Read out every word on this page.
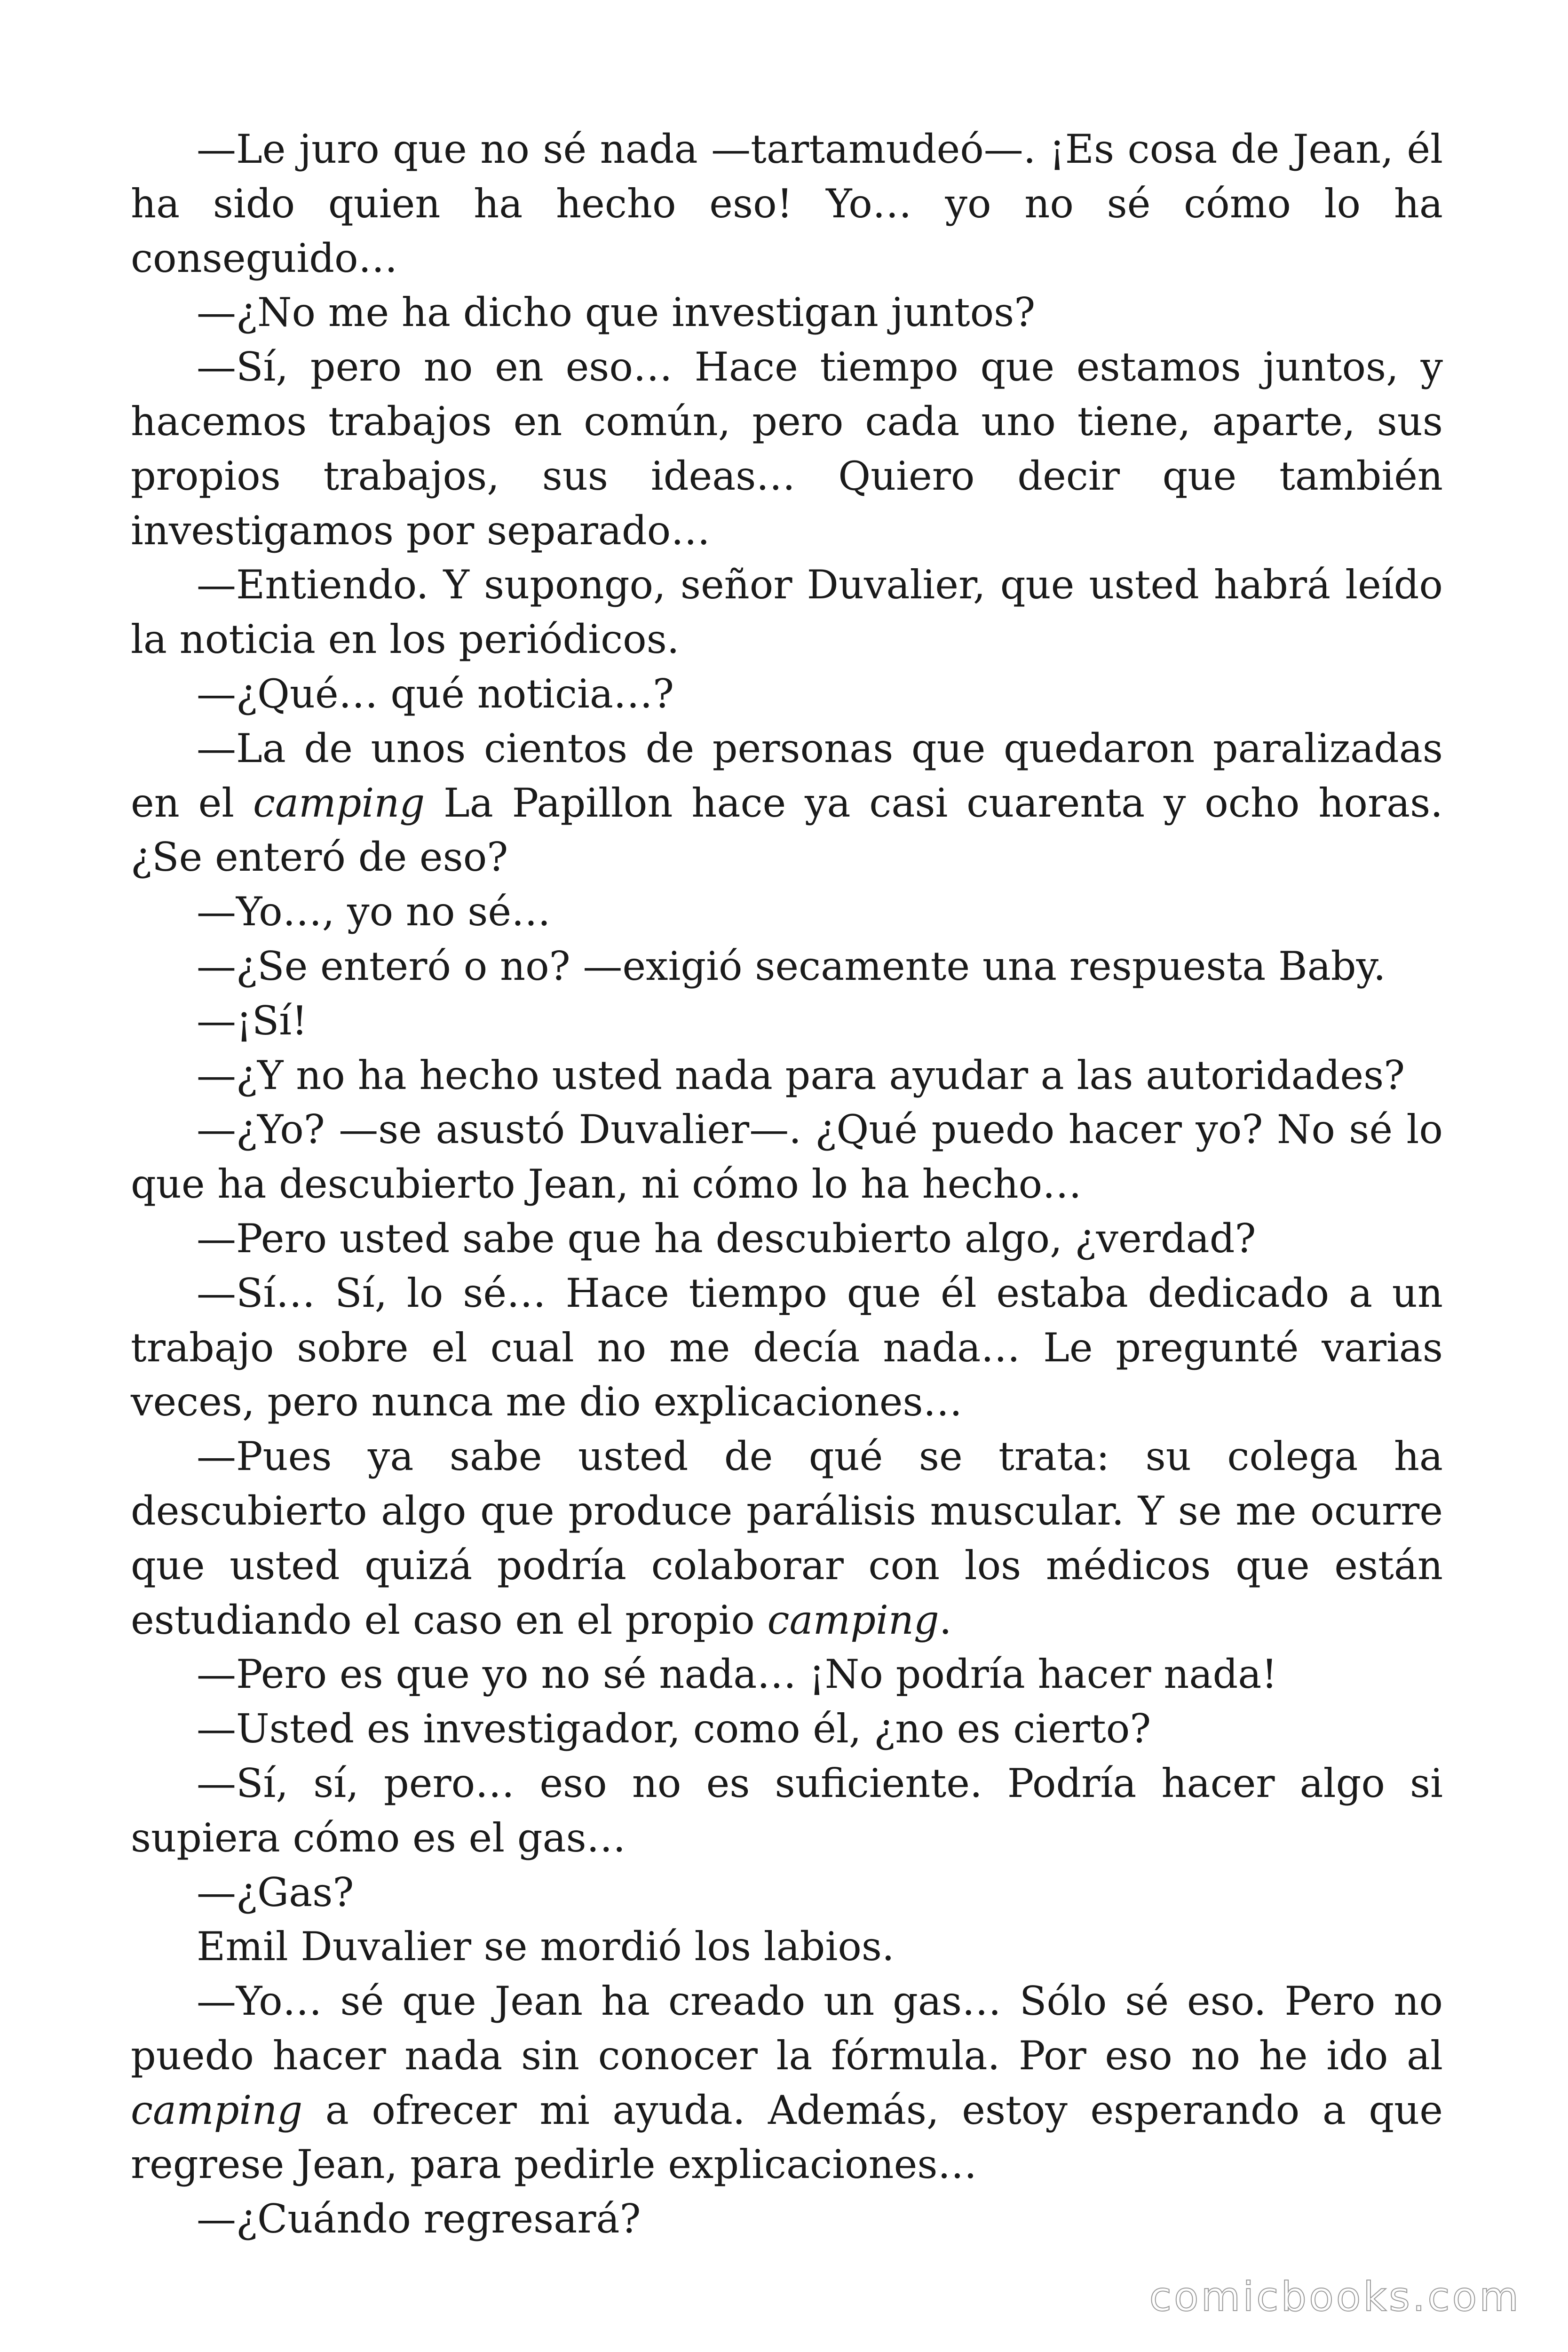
—Le juro que no sé nada —tartamudeó—. ¡Es cosa de Jean, él ha sido quien ha hecho eso! Yo… yo no sé cómo lo ha conseguido…

—¿No me ha dicho que investigan juntos?

—Sí, pero no en eso… Hace tiempo que estamos juntos, y hacemos trabajos en común, pero cada uno tiene, aparte, sus propios trabajos, sus ideas… Quiero decir que también investigamos por separado…

—Entiendo. Y supongo, señor Duvalier, que usted habrá leído la noticia en los periódicos.

—¿Qué… qué noticia…?

—La de unos cientos de personas que quedaron paralizadas en el camping La Papillon hace ya casi cuarenta y ocho horas. ¿Se enteró de eso?

—Yo…, yo no sé…

—¿Se enteró o no? —exigió secamente una respuesta Baby.

—¡Sí!

—¿Y no ha hecho usted nada para ayudar a las autoridades?

—¿Yo? —se asustó Duvalier—. ¿Qué puedo hacer yo? No sé lo que ha descubierto Jean, ni cómo lo ha hecho…

—Pero usted sabe que ha descubierto algo, ¿verdad?

—Sí… Sí, lo sé… Hace tiempo que él estaba dedicado a un trabajo sobre el cual no me decía nada… Le pregunté varias veces, pero nunca me dio explicaciones…

—Pues ya sabe usted de qué se trata: su colega ha descubierto algo que produce parálisis muscular. Y se me ocurre que usted quizá podría colaborar con los médicos que están estudiando el caso en el propio camping.

—Pero es que yo no sé nada… ¡No podría hacer nada!

—Usted es investigador, como él, ¿no es cierto?

—Sí, sí, pero… eso no es suficiente. Podría hacer algo si supiera cómo es el gas…

—¿Gas?

Emil Duvalier se mordió los labios.

—Yo… sé que Jean ha creado un gas… Sólo sé eso. Pero no puedo hacer nada sin conocer la fórmula. Por eso no he ido al camping a ofrecer mi ayuda. Además, estoy esperando a que regrese Jean, para pedirle explicaciones…

—¿Cuándo regresará?

comicbooks.com
